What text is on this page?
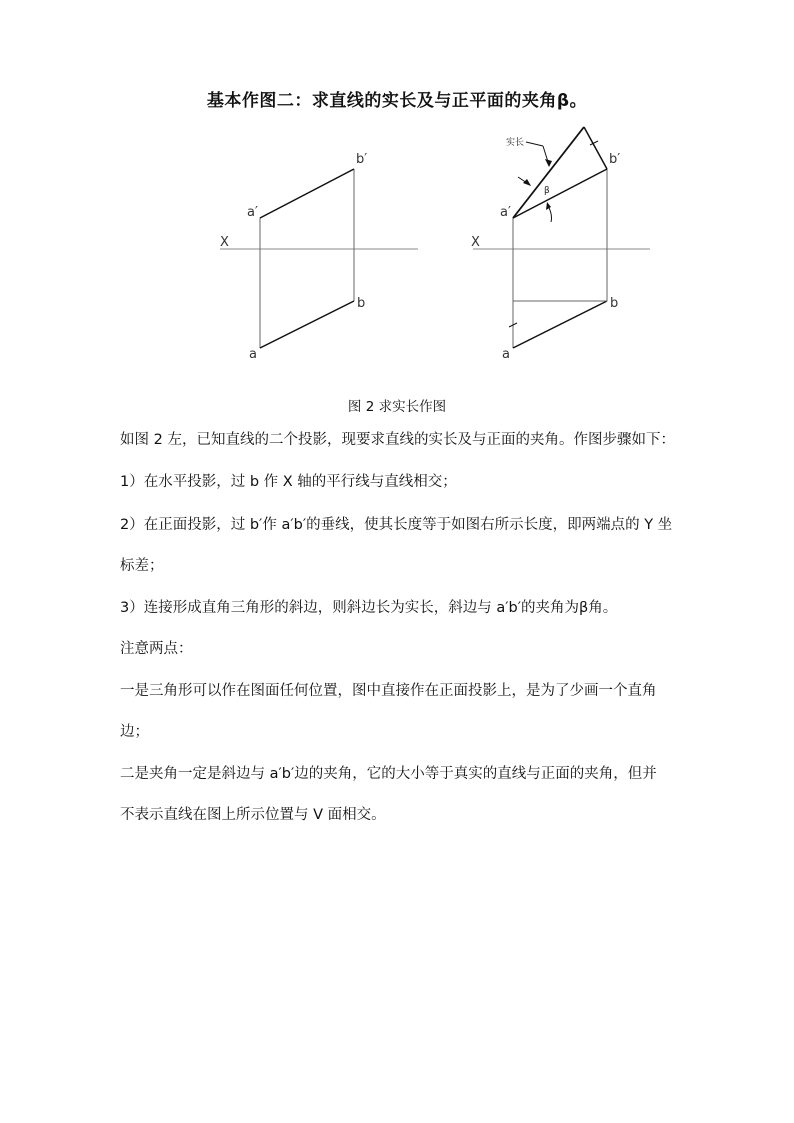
基本作图二：求直线的实长及与正平面的夹角β。
X
a′
b′
a
b
X
a′
b′
a
b
实长
β
图 2 求实长作图
如图 2 左，已知直线的二个投影，现要求直线的实长及与正面的夹角。作图步骤如下：
1）在水平投影，过 b 作 X 轴的平行线与直线相交；
2）在正面投影，过 b′作 a′b′的垂线，使其长度等于如图右所示长度，即两端点的 Y 坐
标差；
3）连接形成直角三角形的斜边，则斜边长为实长，斜边与 a′b′的夹角为β角。
注意两点：
一是三角形可以作在图面任何位置，图中直接作在正面投影上，是为了少画一个直角
边；
二是夹角一定是斜边与 a′b′边的夹角，它的大小等于真实的直线与正面的夹角，但并
不表示直线在图上所示位置与 V 面相交。
